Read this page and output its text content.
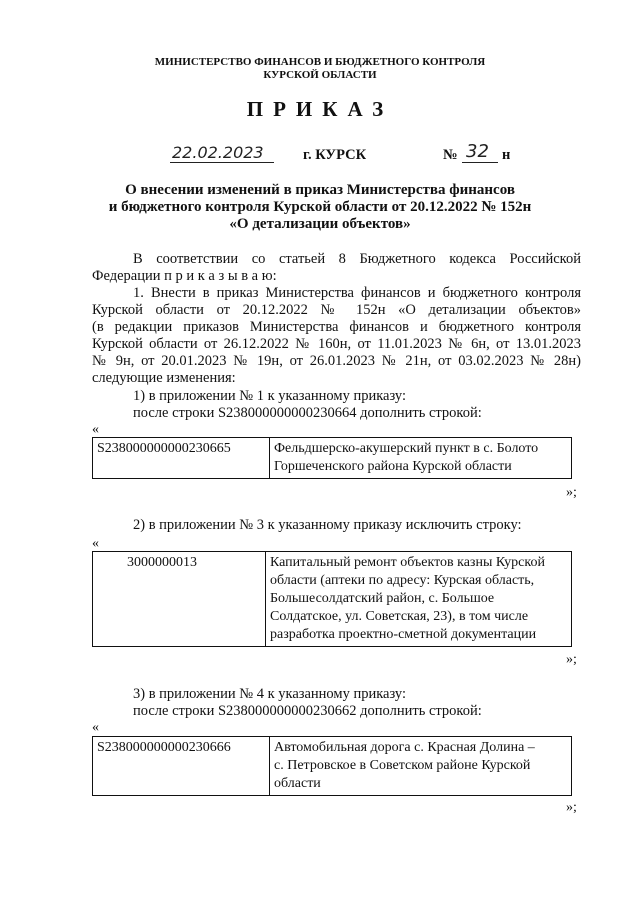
МИНИСТЕРСТВО ФИНАНСОВ И БЮДЖЕТНОГО КОНТРОЛЯ
КУРСКОЙ ОБЛАСТИ
ПРИКАЗ
22.02.2023	г. КУРСК	№ 32 н
О внесении изменений в приказ Министерства финансов
и бюджетного контроля Курской области от 20.12.2022 № 152н
«О детализации объектов»
В соответствии со статьей 8 Бюджетного кодекса Российской
Федерации п р и к а з ы в а ю:
1. Внести в приказ Министерства финансов и бюджетного контроля
Курской области от 20.12.2022 № 152н «О детализации объектов»
(в редакции приказов Министерства финансов и бюджетного контроля
Курской области от 26.12.2022 № 160н, от 11.01.2023 № 6н, от 13.01.2023
№ 9н, от 20.01.2023 № 19н, от 26.01.2023 № 21н, от 03.02.2023 № 28н)
следующие изменения:
1) в приложении № 1 к указанному приказу:
после строки S238000000000230664 дополнить строкой:
«
S238000000000230665	Фельдшерско-акушерский пункт в с. Болото
Горшеченского района Курской области
»;
2) в приложении № 3 к указанному приказу исключить строку:
«
3000000013	Капитальный ремонт объектов казны Курской
области (аптеки по адресу: Курская область,
Большесолдатский район, с. Большое
Солдатское, ул. Советская, 23), в том числе
разработка проектно-сметной документации
»;
3) в приложении № 4 к указанному приказу:
после строки S238000000000230662 дополнить строкой:
«
S238000000000230666	Автомобильная дорога с. Красная Долина –
с. Петровское в Советском районе Курской
области
»;
